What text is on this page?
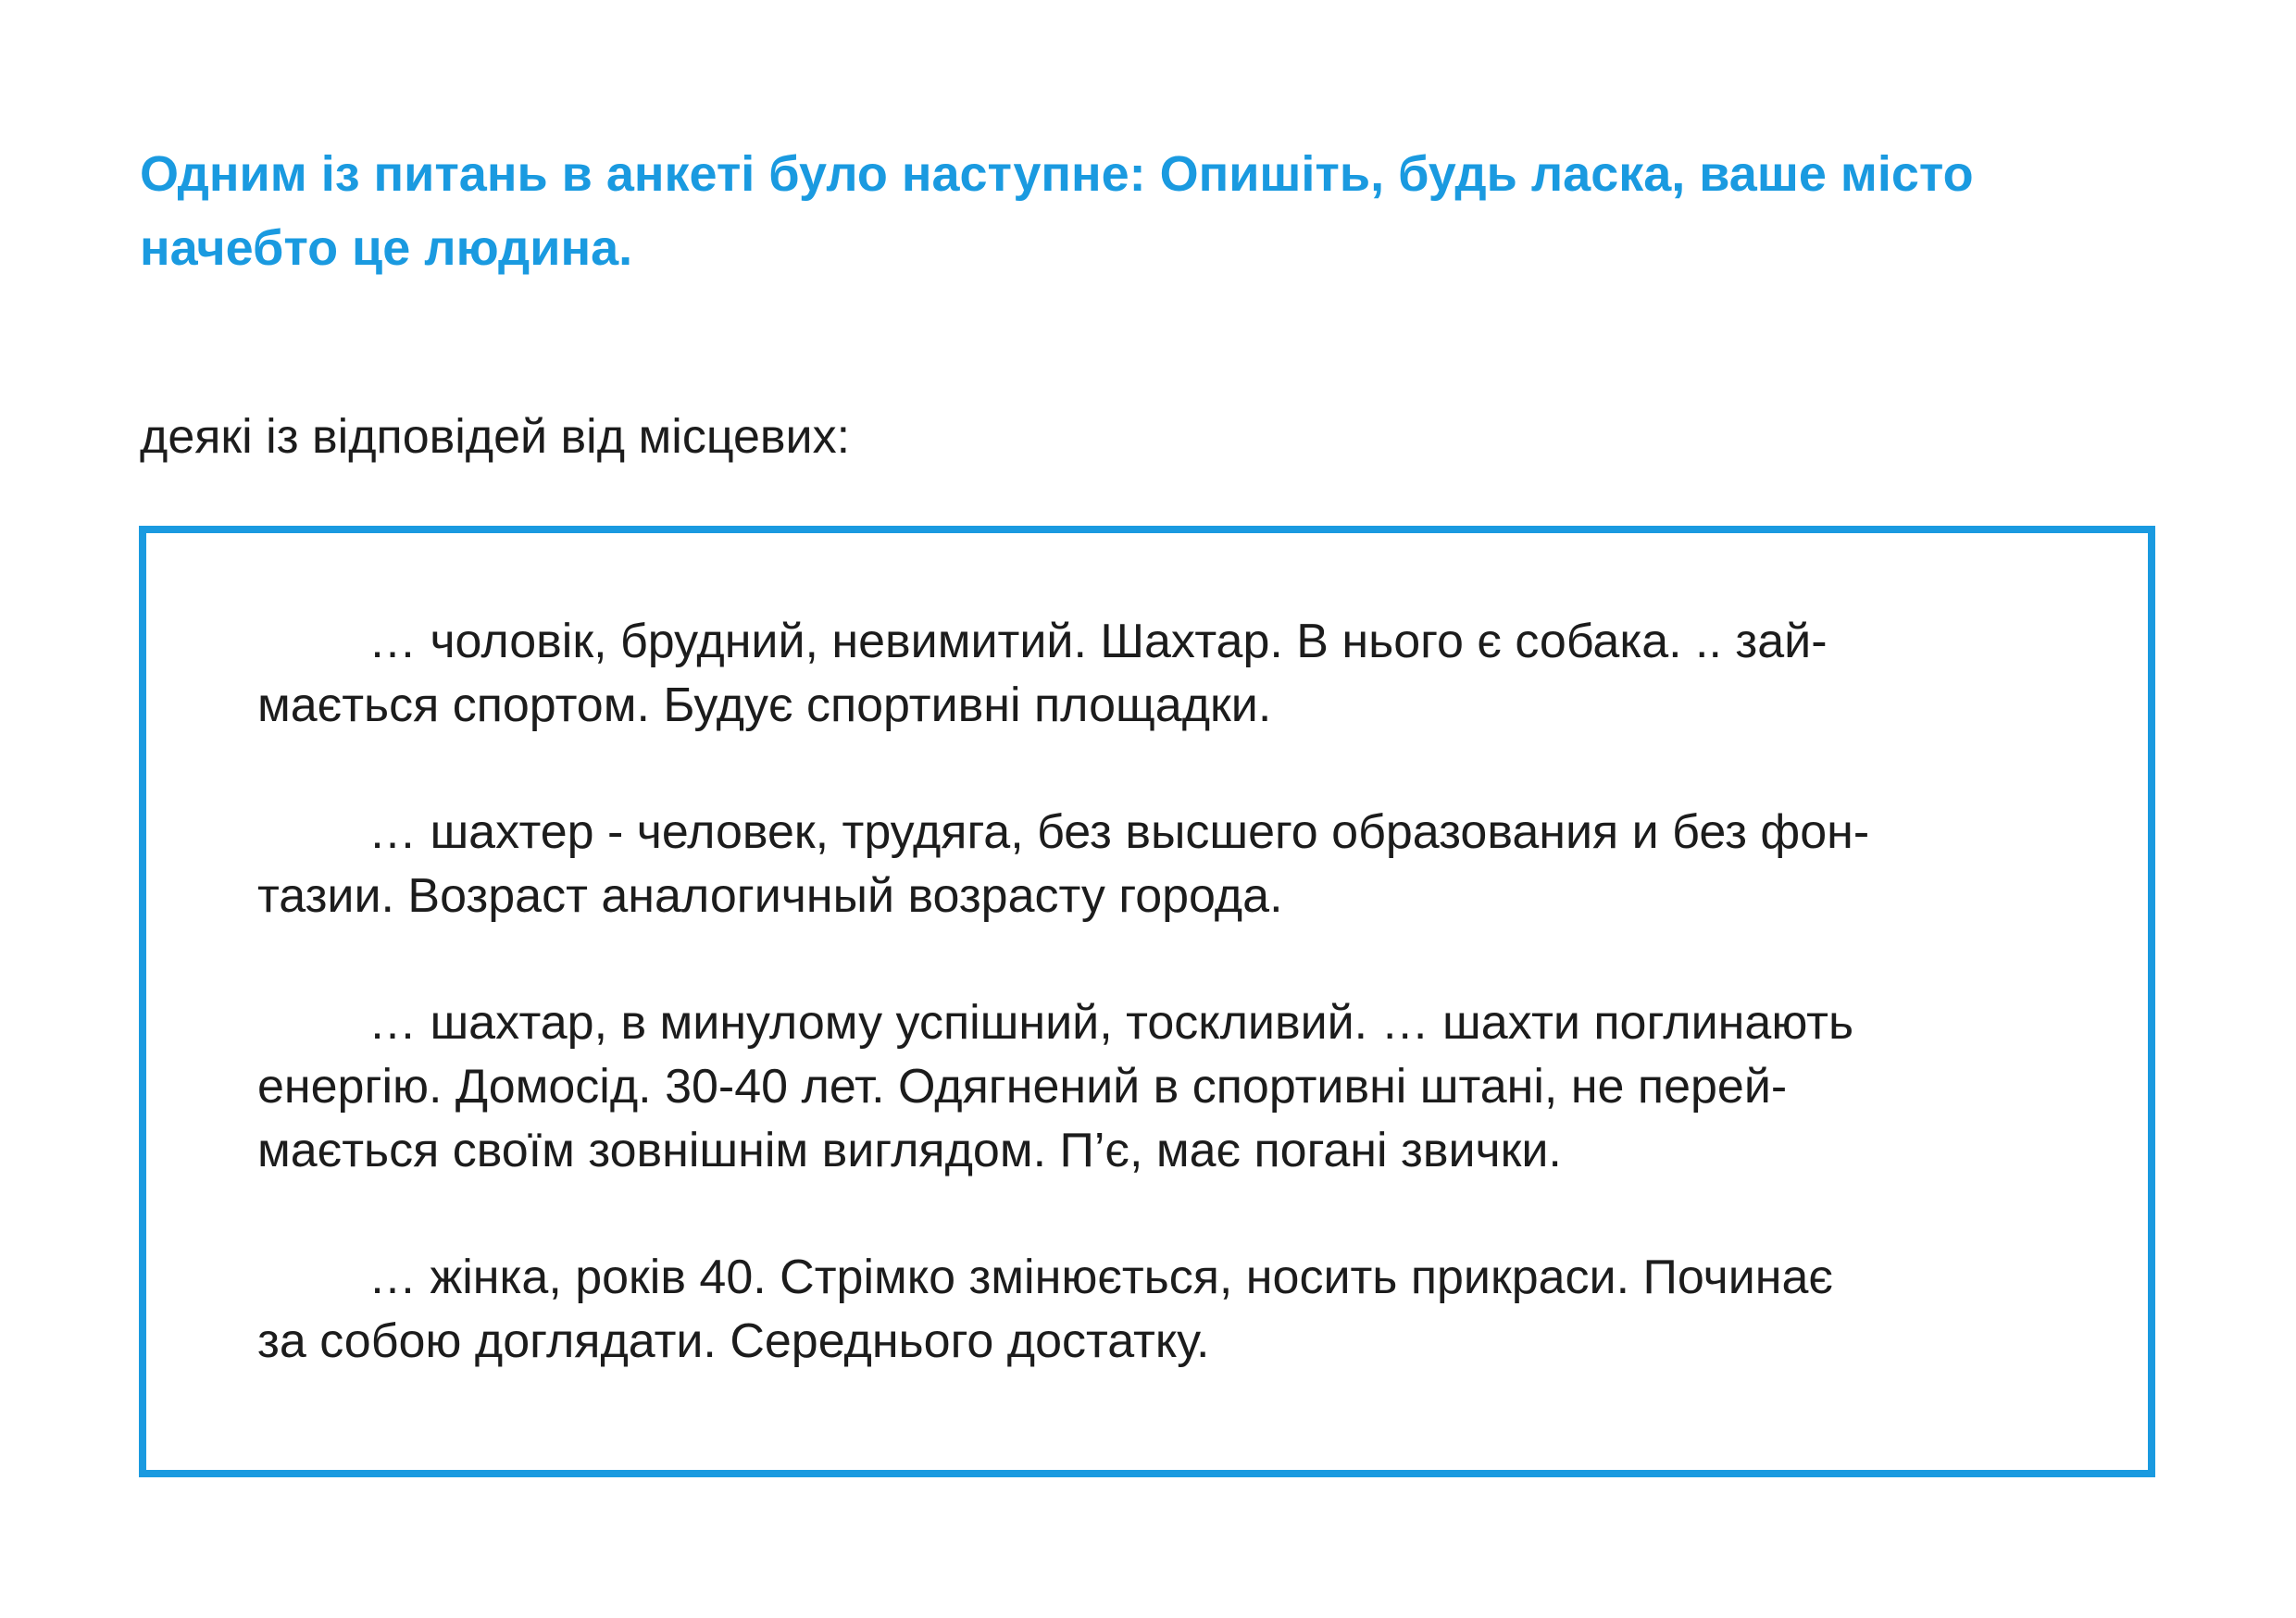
Одним із питань в анкеті було наступне: Опишіть, будь ласка, ваше місто
начебто це людина.

деякі із відповідей від місцевих:

… чоловік, брудний, невимитий. Шахтар. В нього є собака. .. зай-
мається спортом. Будує спортивні площадки.

… шахтер - человек, трудяга, без высшего образования и без фон-
тазии. Возраст аналогичный возрасту города.

… шахтар, в минулому успішний, тоскливий. … шахти поглинають
енергію. Домосід. 30-40 лет. Одягнений в спортивні штані, не перей-
мається своїм зовнішнім виглядом. П’є, має погані звички.

… жінка, років 40. Стрімко змінюється, носить прикраси. Починає
за собою доглядати. Середнього достатку.
